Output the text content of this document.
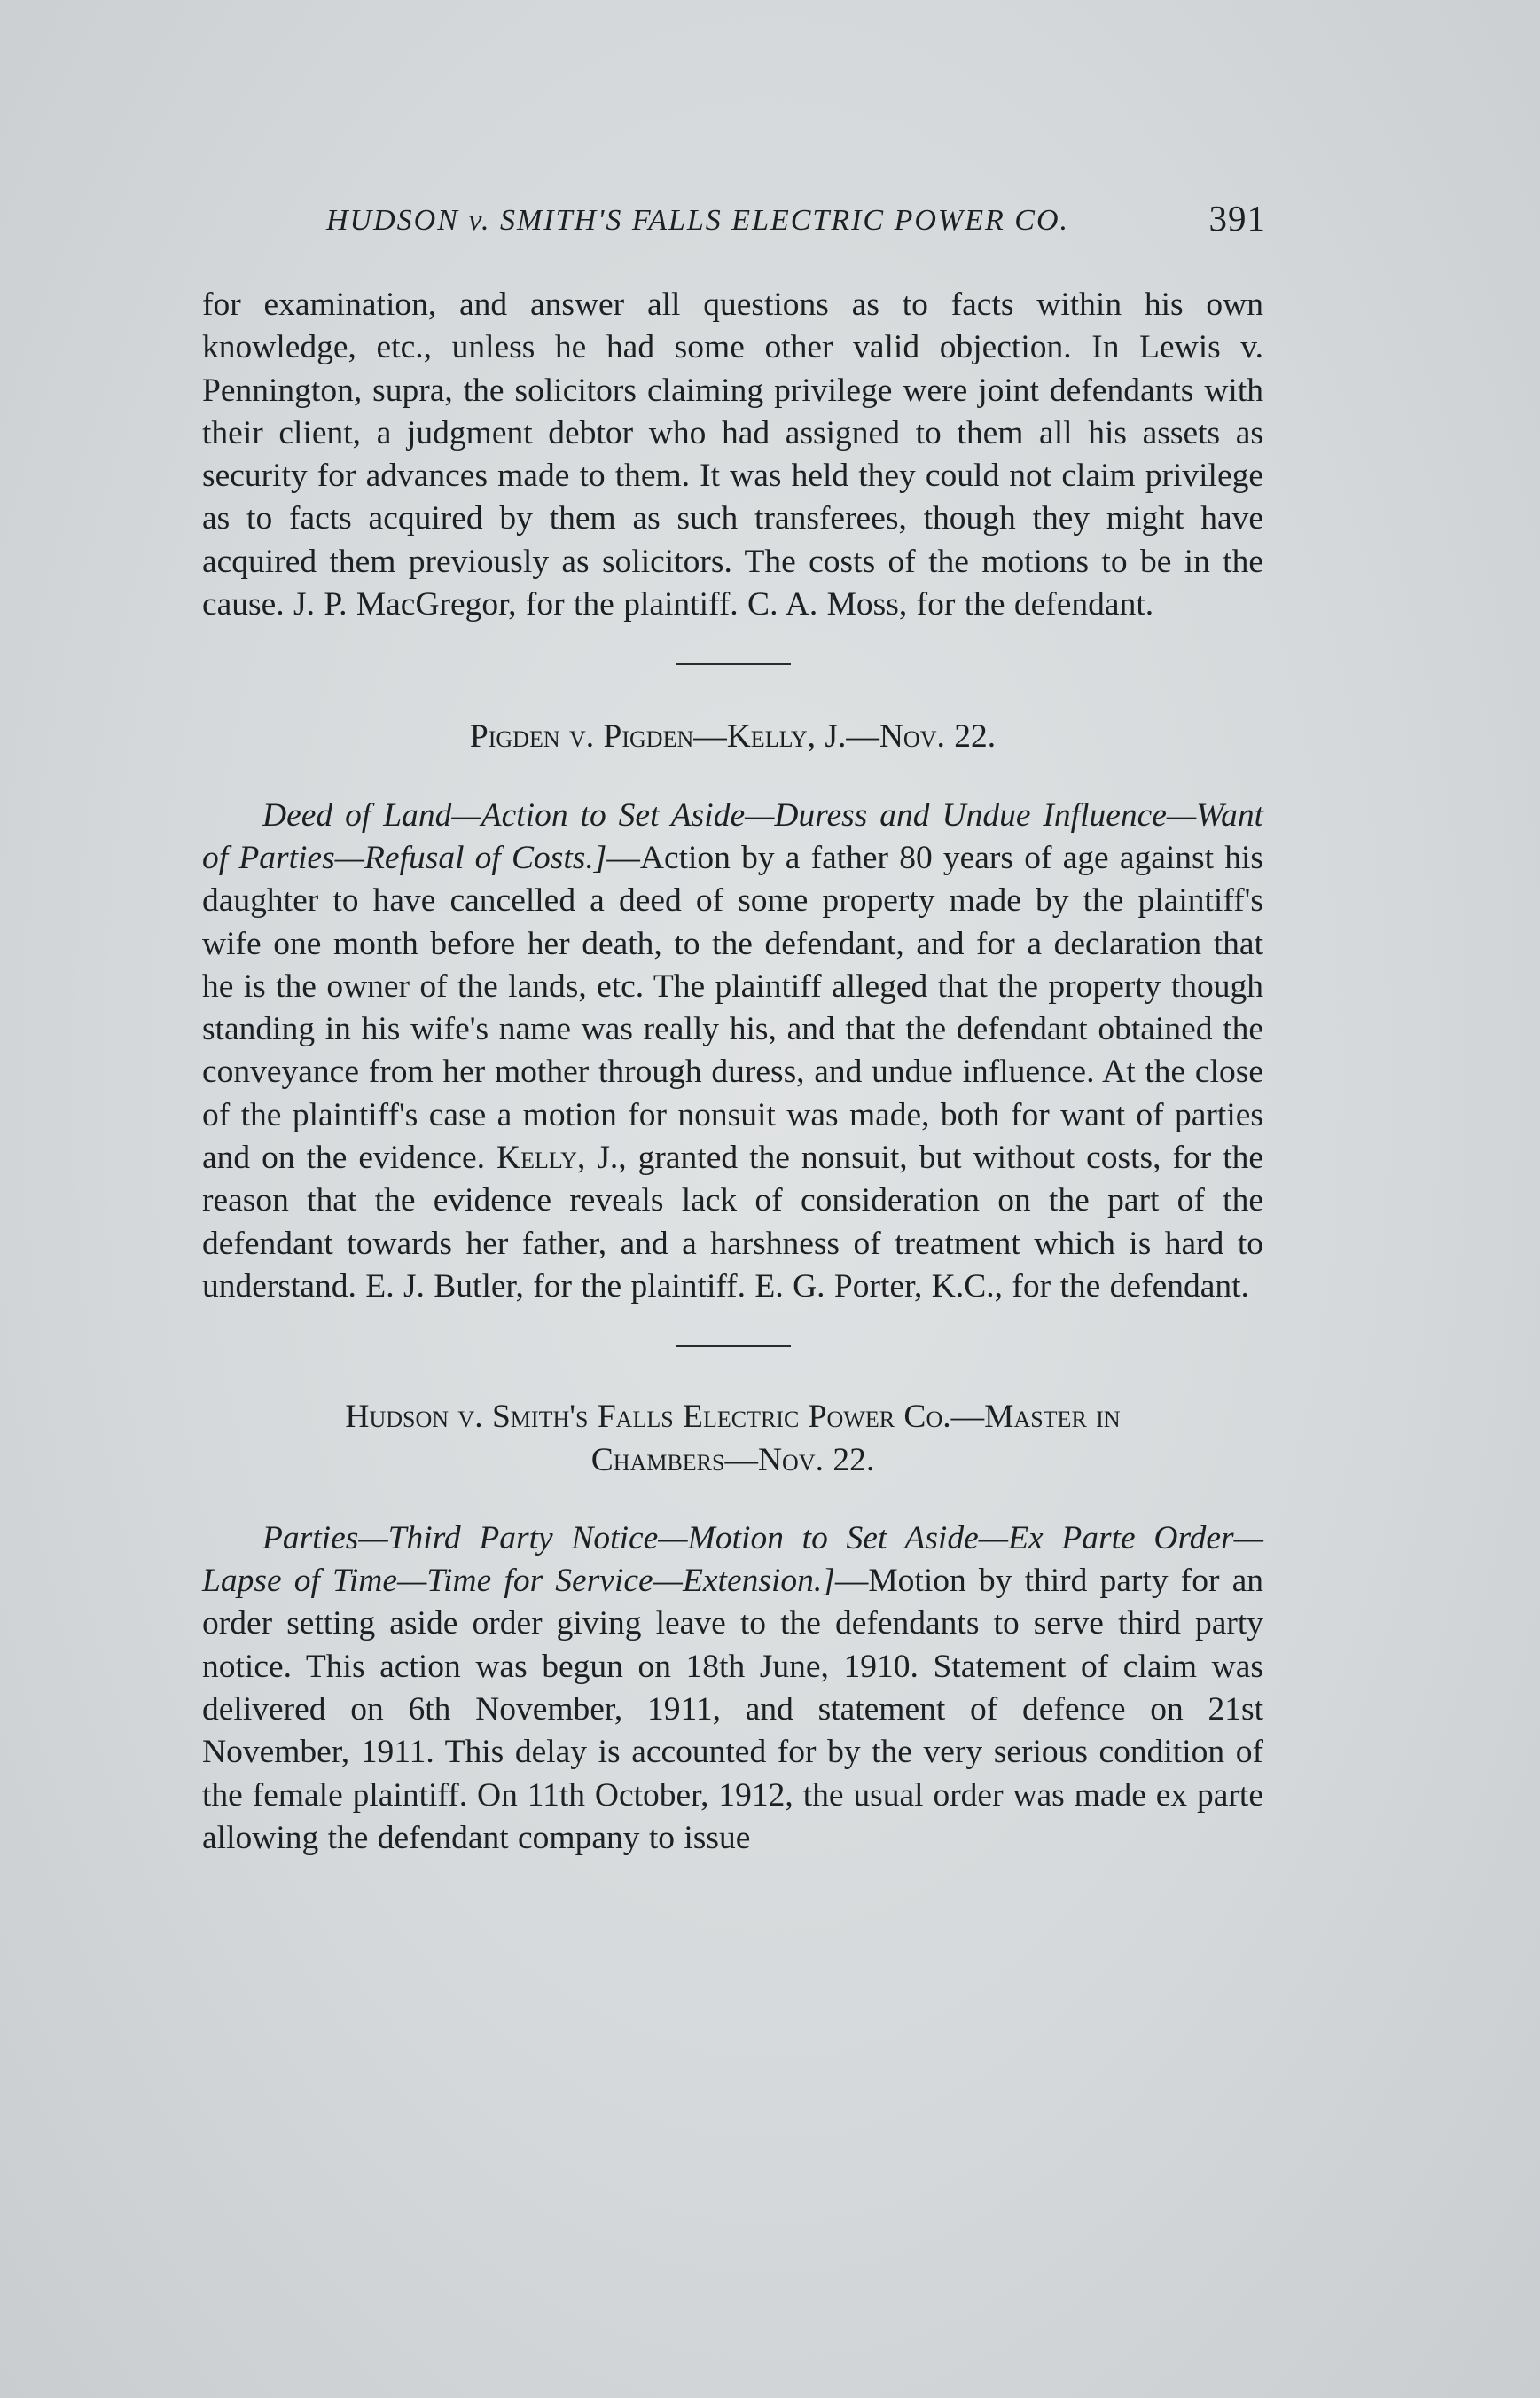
HUDSON v. SMITH'S FALLS ELECTRIC POWER CO.	391

for examination, and answer all questions as to facts within his own knowledge, etc., unless he had some other valid objection. In Lewis v. Pennington, supra, the solicitors claiming privilege were joint defendants with their client, a judgment debtor who had assigned to them all his assets as security for advances made to them. It was held they could not claim privilege as to facts acquired by them as such transferees, though they might have acquired them previously as solicitors. The costs of the motions to be in the cause. J. P. MacGregor, for the plaintiff. C. A. Moss, for the defendant.

Pigden v. Pigden—Kelly, J.—Nov. 22.

Deed of Land—Action to Set Aside—Duress and Undue Influence—Want of Parties—Refusal of Costs.]—Action by a father 80 years of age against his daughter to have cancelled a deed of some property made by the plaintiff's wife one month before her death, to the defendant, and for a declaration that he is the owner of the lands, etc. The plaintiff alleged that the property though standing in his wife's name was really his, and that the defendant obtained the conveyance from her mother through duress, and undue influence. At the close of the plaintiff's case a motion for nonsuit was made, both for want of parties and on the evidence. Kelly, J., granted the nonsuit, but without costs, for the reason that the evidence reveals lack of consideration on the part of the defendant towards her father, and a harshness of treatment which is hard to understand. E. J. Butler, for the plaintiff. E. G. Porter, K.C., for the defendant.

Hudson v. Smith's Falls Electric Power Co.—Master in
Chambers—Nov. 22.

Parties—Third Party Notice—Motion to Set Aside—Ex Parte Order—Lapse of Time—Time for Service—Extension.]—Motion by third party for an order setting aside order giving leave to the defendants to serve third party notice. This action was begun on 18th June, 1910. Statement of claim was delivered on 6th November, 1911, and statement of defence on 21st November, 1911. This delay is accounted for by the very serious condition of the female plaintiff. On 11th October, 1912, the usual order was made ex parte allowing the defendant company to issue
